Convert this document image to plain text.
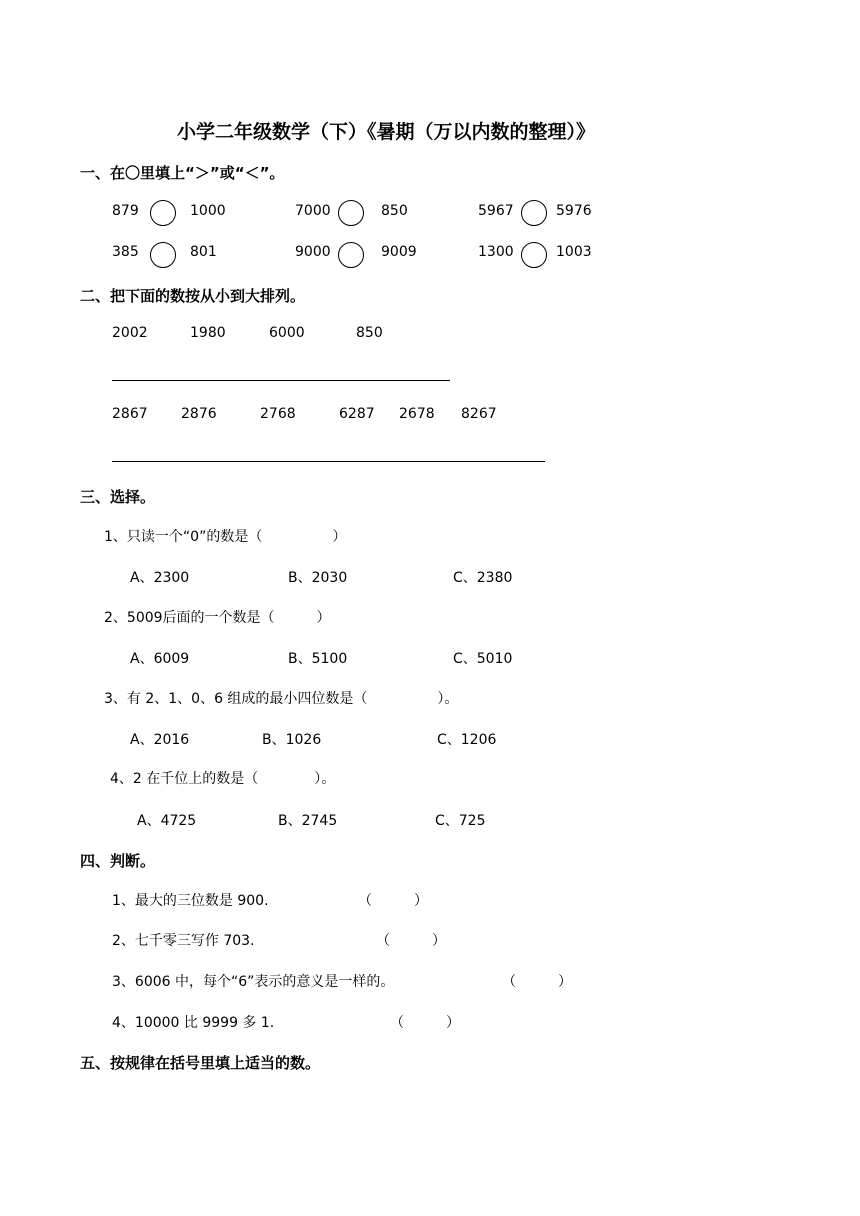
小学二年级数学（下）《暑期（万以内数的整理）》
一、在〇里填上“＞”或“＜”。
879	1000	7000	850	5967	5976
385	801	9000	9009	1300	1003
二、把下面的数按从小到大排列。
2002	1980	6000	850
2867 2876	2768	6287 2678 8267
三、选择。
1、只读一个“0”的数是（　　　　　）
A、2300	B、2030	C、2380
2、5009后面的一个数是（　　　）
A、6009	B、5100	C、5010
3、有 2、1、0、6 组成的最小四位数是（　　　　　）。
A、2016	B、1026	C、1206
4、2 在千位上的数是（　　　　）。
A、4725	B、2745	C、725
四、判断。
1、最大的三位数是 900.	（　　　）
2、七千零三写作 703.	（　　　）
3、6006 中，每个“6”表示的意义是一样的。	（　　　）
4、10000 比 9999 多 1.	（　　　）
五、按规律在括号里填上适当的数。
